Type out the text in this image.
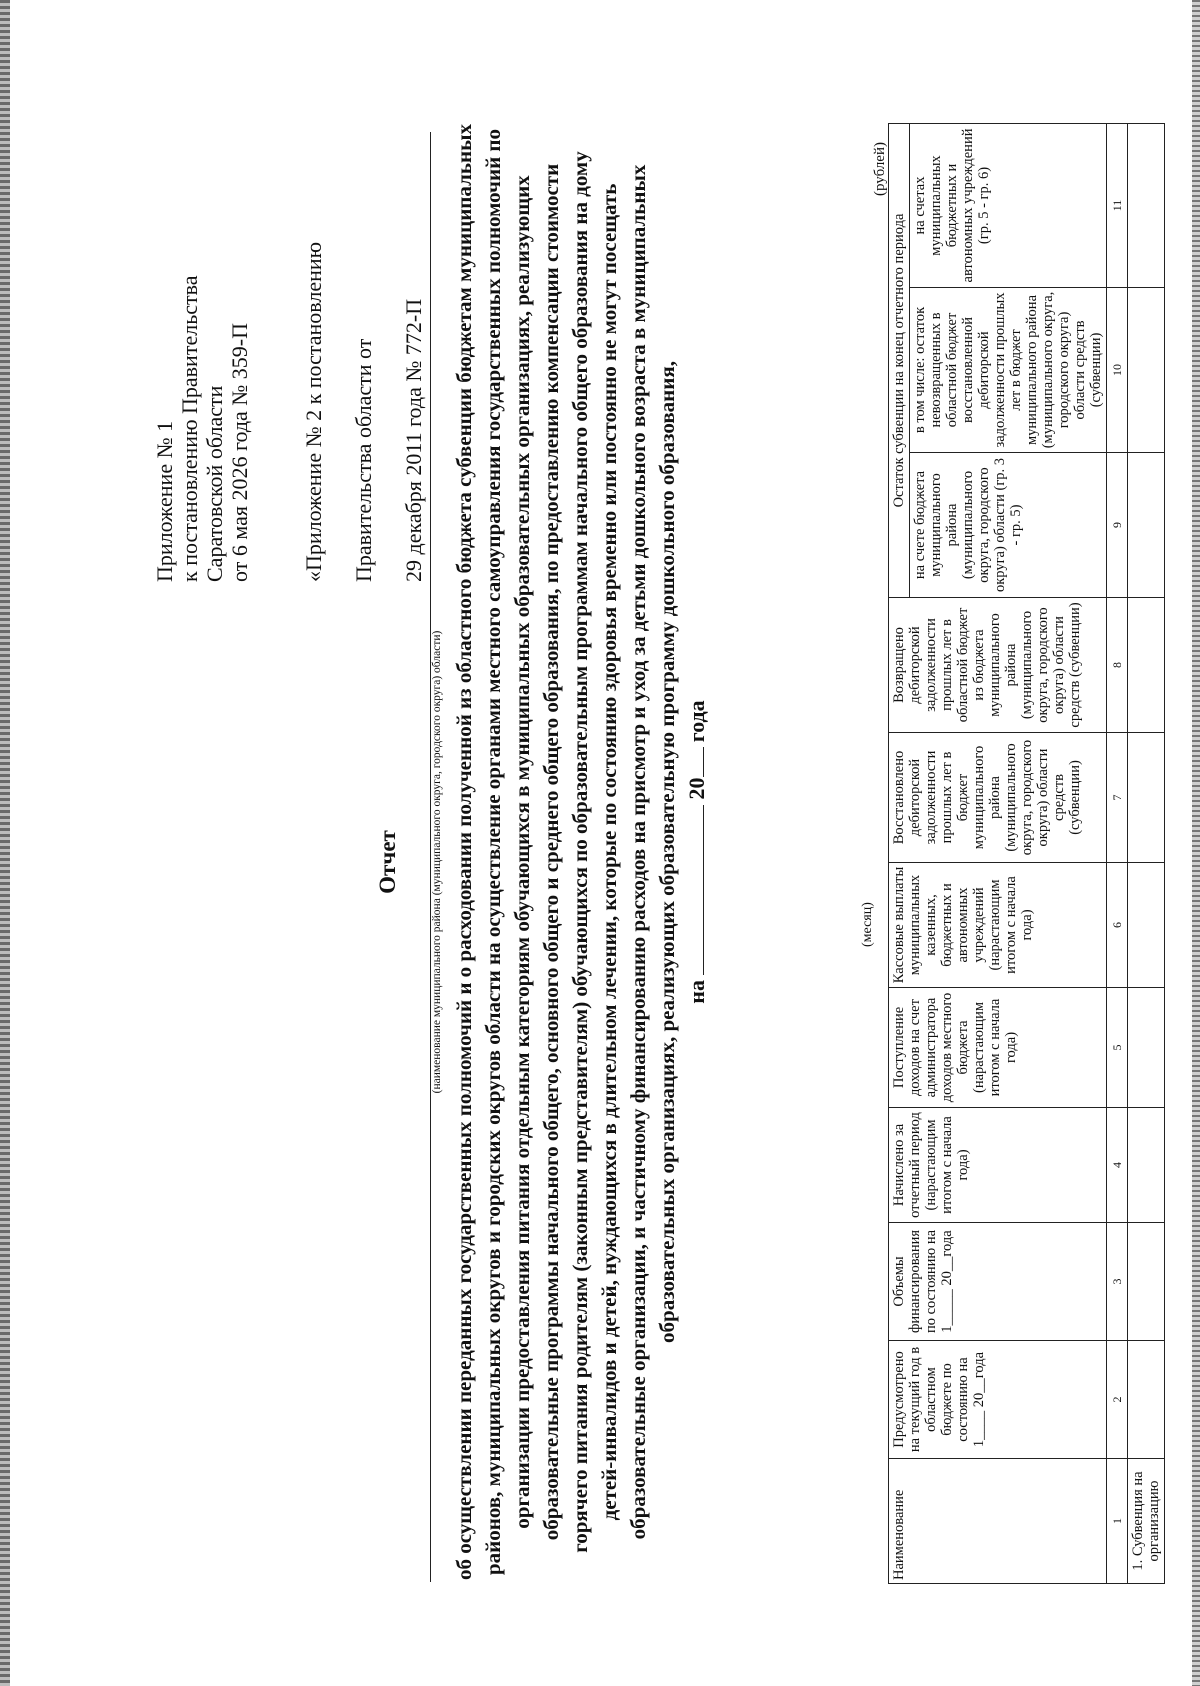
Приложение № 1 к постановлению Правительства Саратовской области от 6 мая 2026 года № 359-П «Приложение № 2 к постановлению Правительства области от 29 декабря 2011 года № 772-П

Отчет	(наименование муниципального района (муниципального округа, городского округа) области) об осуществлении переданных государственных полномочий и о расходовании полученной из областного бюджета субвенции бюджетам муниципальных районов, муниципальных округов и городских округов области на осуществление органами местного самоуправления государственных полномочий по организации предоставления питания отдельным категориям обучающихся в муниципальных образовательных организациях, реализующих образовательные программы начального общего, основного общего и среднего общего образования, по предоставлению компенсации стоимости горячего питания родителям (законным представителям) обучающихся по образовательным программам начального общего образования на дому детей-инвалидов и детей, нуждающихся в длительном лечении, которые по состоянию здоровья временно или постоянно не могут посещать образовательные организации, и частичному финансированию расходов на присмотр и уход за детьми дошкольного возраста в муниципальных образовательных организациях, реализующих образовательную программу дошкольного образования, на  20 года
(месяц)
(рублей)
Наименование	Предусмотрено на текущий год в областном бюджете по состоянию на 1____ 20__года	Объемы финансирования по состоянию на 1_____ 20__года	Начислено за отчетный период (нарастающим итогом с начала года)	Поступление доходов на счет администратора доходов местного бюджета (нарастающим итогом с начала года)	Кассовые выплаты муниципальных казенных, бюджетных и автономных учреждений (нарастающим итогом с начала года)	Восстановлено дебиторской задолженности прошлых лет в бюджет муниципального района (муниципального округа, городского округа) области средств (субвенции)	Возвращено дебиторской задолженности прошлых лет в областной бюджет из бюджета муниципального района (муниципального округа, городского округа) области средств (субвенции)	Остаток субвенции на конец отчетного периода		
								на счете бюджета муниципального района (муниципального округа, городского округа) области (гр. 3 - гр. 5)	в том числе: остаток невозвращенных в областной бюджет восстановленной дебиторской задолженности прошлых лет в бюджет муниципального района (муниципального округа, городского округа) области средств (субвенции)	на счетах муниципальных бюджетных и автономных учреждений (гр. 5 - гр. 6)
1	2	3	4	5	6	7	8	9	10	11
1. Субвенция на организацию										
